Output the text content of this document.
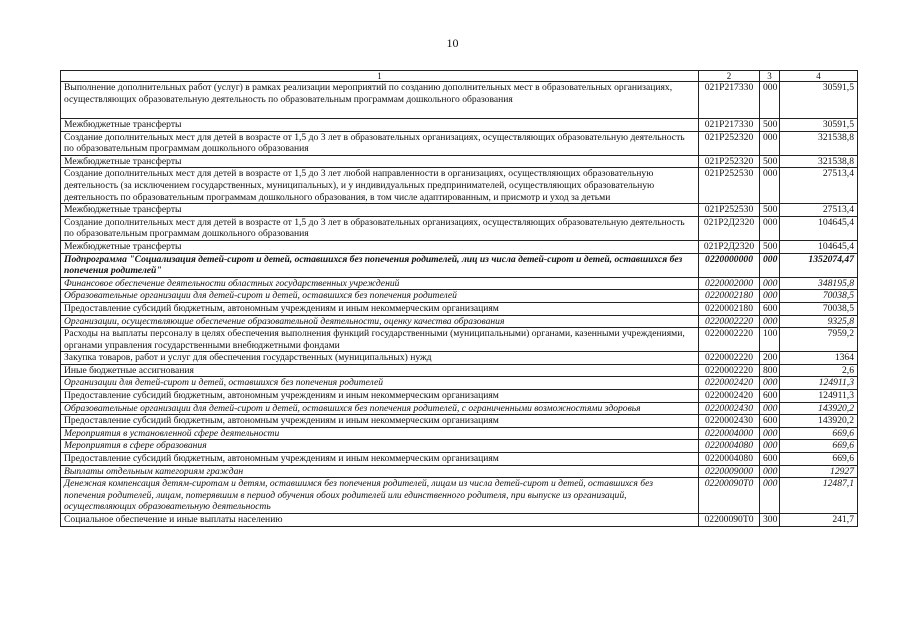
10
1	2	3	4
Выполнение дополнительных работ (услуг) в рамках реализации мероприятий по созданию дополнительных мест в образовательных организациях, осуществляющих образовательную деятельность по образовательным программам дошкольного образования	021P217330	000	30591,5
Межбюджетные трансферты	021P217330	500	30591,5
Создание дополнительных мест для детей в возрасте от 1,5 до 3 лет в образовательных организациях, осуществляющих образовательную деятельность по образовательным программам дошкольного образования	021P252320	000	321538,8
Межбюджетные трансферты	021P252320	500	321538,8
Создание дополнительных мест для детей в возрасте от 1,5 до 3 лет любой направленности в организациях, осуществляющих образовательную деятельность (за исключением государственных, муниципальных), и у индивидуальных предпринимателей, осуществляющих образовательную деятельность по образовательным программам дошкольного образования, в том числе адаптированным, и присмотр и уход за детьми	021P252530	000	27513,4
Межбюджетные трансферты	021P252530	500	27513,4
Создание дополнительных мест для детей в возрасте от 1,5 до 3 лет в образовательных организациях, осуществляющих образовательную деятельность по образовательным программам дошкольного образования	021P2Д2320	000	104645,4
Межбюджетные трансферты	021P2Д2320	500	104645,4
Подпрограмма "Социализация детей-сирот и детей, оставшихся без попечения родителей, лиц из числа детей-сирот и детей, оставшихся без попечения родителей"	0220000000	000	1352074,47
Финансовое обеспечение деятельности областных государственных учреждений	0220002000	000	348195,8
Образовательные организации для детей-сирот и детей, оставшихся без попечения родителей	0220002180	000	70038,5
Предоставление субсидий бюджетным, автономным учреждениям и иным некоммерческим организациям	0220002180	600	70038,5
Организации, осуществляющие обеспечение образовательной деятельности, оценку качества образования	0220002220	000	9325,8
Расходы на выплаты персоналу в целях обеспечения выполнения функций государственными (муниципальными) органами, казенными учреждениями, органами управления государственными внебюджетными фондами	0220002220	100	7959,2
Закупка товаров, работ и услуг для обеспечения государственных (муниципальных) нужд	0220002220	200	1364
Иные бюджетные ассигнования	0220002220	800	2,6
Организации для детей-сирот и детей, оставшихся без попечения родителей	0220002420	000	124911,3
Предоставление субсидий бюджетным, автономным учреждениям и иным некоммерческим организациям	0220002420	600	124911,3
Образовательные организации для детей-сирот и детей, оставшихся без попечения родителей, с ограниченными возможностями здоровья	0220002430	000	143920,2
Предоставление субсидий бюджетным, автономным учреждениям и иным некоммерческим организациям	0220002430	600	143920,2
Мероприятия в установленной сфере деятельности	0220004000	000	669,6
Мероприятия в сфере образования	0220004080	000	669,6
Предоставление субсидий бюджетным, автономным учреждениям и иным некоммерческим организациям	0220004080	600	669,6
Выплаты отдельным категориям граждан	0220009000	000	12927
Денежная компенсация детям-сиротам и детям, оставшимся без попечения родителей, лицам из числа детей-сирот и детей, оставшихся без попечения родителей, лицам, потерявшим в период обучения обоих родителей или единственного родителя, при выпуске из организаций, осуществляющих образовательную деятельность	02200090Т0	000	12487,1
Социальное обеспечение и иные выплаты населению	02200090Т0	300	241,7
